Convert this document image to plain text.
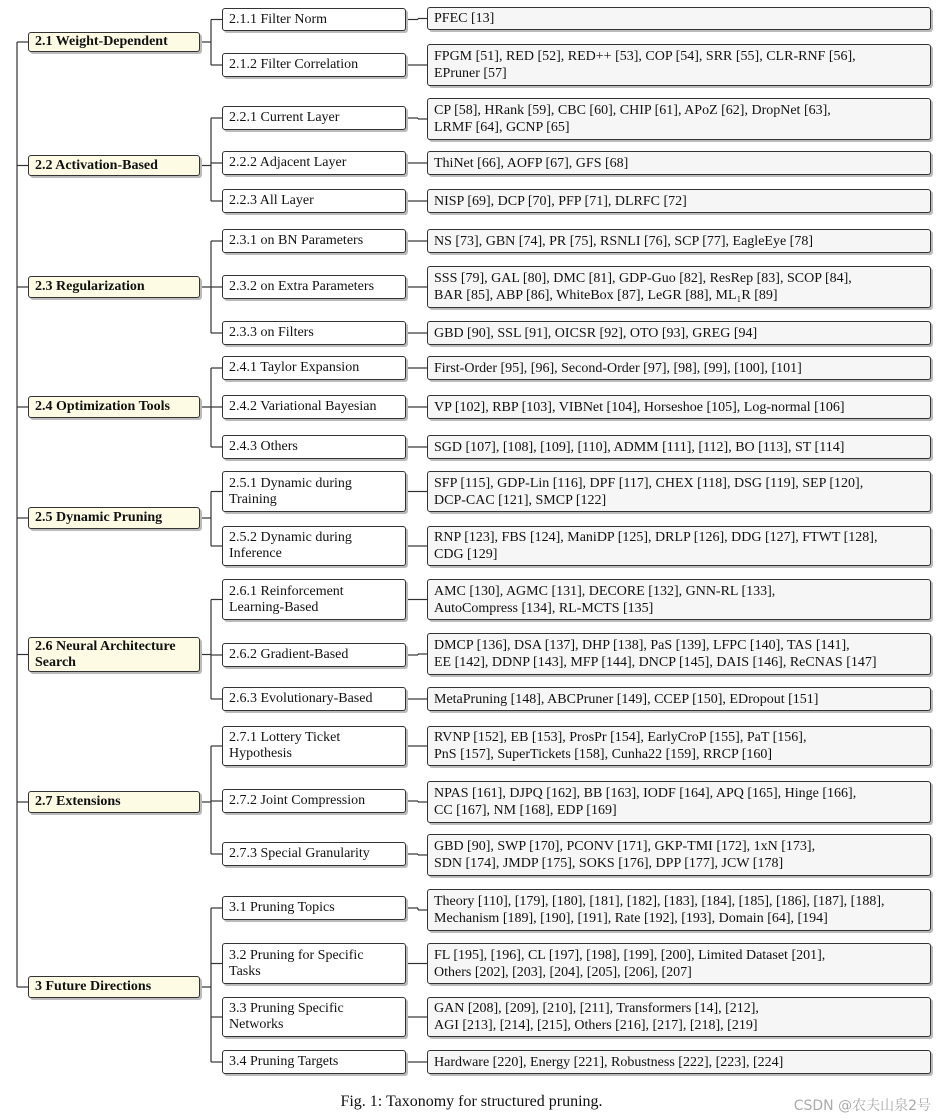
2.1 Weight-Dependent
2.1.1 Filter Norm	PFEC [13]
2.1.2 Filter Correlation
FPGM [51], RED [52], RED++ [53], COP [54], SRR [55], CLR-RNF [56],
EPruner [57]
2.2 Activation-Based
2.2.1 Current Layer	CP [58], HRank [59], CBC [60], CHIP [61], APoZ [62], DropNet [63],
LRMF [64], GCNP [65]
2.2.2 Adjacent Layer	ThiNet [66], AOFP [67], GFS [68]
2.2.3 All Layer	NISP [69], DCP [70], PFP [71], DLRFC [72]
2.3 Regularization
2.3.1 on BN Parameters	NS [73], GBN [74], PR [75], RSNLI [76], SCP [77], EagleEye [78]
2.3.2 on Extra Parameters
SSS [79], GAL [80], DMC [81], GDP-Guo [82], ResRep [83], SCOP [84],
BAR [85], ABP [86], WhiteBox [87], LeGR [88], ML₁R [89]
2.3.3 on Filters	GBD [90], SSL [91], OICSR [92], OTO [93], GREG [94]
2.4 Optimization Tools
2.4.1 Taylor Expansion	First-Order [95], [96], Second-Order [97], [98], [99], [100], [101]
2.4.2 Variational Bayesian	VP [102], RBP [103], VIBNet [104], Horseshoe [105], Log-normal [106]
2.4.3 Others	SGD [107], [108], [109], [110], ADMM [111], [112], BO [113], ST [114]
2.5 Dynamic Pruning
2.5.1 Dynamic during
Training
SFP [115], GDP-Lin [116], DPF [117], CHEX [118], DSG [119], SEP [120],
DCP-CAC [121], SMCP [122]
2.5.2 Dynamic during
Inference
RNP [123], FBS [124], ManiDP [125], DRLP [126], DDG [127], FTWT [128],
CDG [129]
2.6 Neural Architecture
Search
2.6.1 Reinforcement
Learning-Based
AMC [130], AGMC [131], DECORE [132], GNN-RL [133],
AutoCompress [134], RL-MCTS [135]
2.6.2 Gradient-Based
DMCP [136], DSA [137], DHP [138], PaS [139], LFPC [140], TAS [141],
EE [142], DDNP [143], MFP [144], DNCP [145], DAIS [146], ReCNAS [147]
2.6.3 Evolutionary-Based	MetaPruning [148], ABCPruner [149], CCEP [150], EDropout [151]
2.7 Extensions
2.7.1 Lottery Ticket
Hypothesis
RVNP [152], EB [153], ProsPr [154], EarlyCroP [155], PaT [156],
PnS [157], SuperTickets [158], Cunha22 [159], RRCP [160]
2.7.2 Joint Compression	NPAS [161], DJPQ [162], BB [163], IODF [164], APQ [165], Hinge [166],
CC [167], NM [168], EDP [169]
2.7.3 Special Granularity	GBD [90], SWP [170], PCONV [171], GKP-TMI [172], 1xN [173],
SDN [174], JMDP [175], SOKS [176], DPP [177], JCW [178]
3 Future Directions
3.1 Pruning Topics	Theory [110], [179], [180], [181], [182], [183], [184], [185], [186], [187], [188],
Mechanism [189], [190], [191], Rate [192], [193], Domain [64], [194]
3.2 Pruning for Specific
Tasks
FL [195], [196], CL [197], [198], [199], [200], Limited Dataset [201],
Others [202], [203], [204], [205], [206], [207]
3.3 Pruning Specific
Networks
GAN [208], [209], [210], [211], Transformers [14], [212],
AGI [213], [214], [215], Others [216], [217], [218], [219]
3.4 Pruning Targets	Hardware [220], Energy [221], Robustness [222], [223], [224]
Fig. 1: Taxonomy for structured pruning.	CSDN @农夫山泉2号
